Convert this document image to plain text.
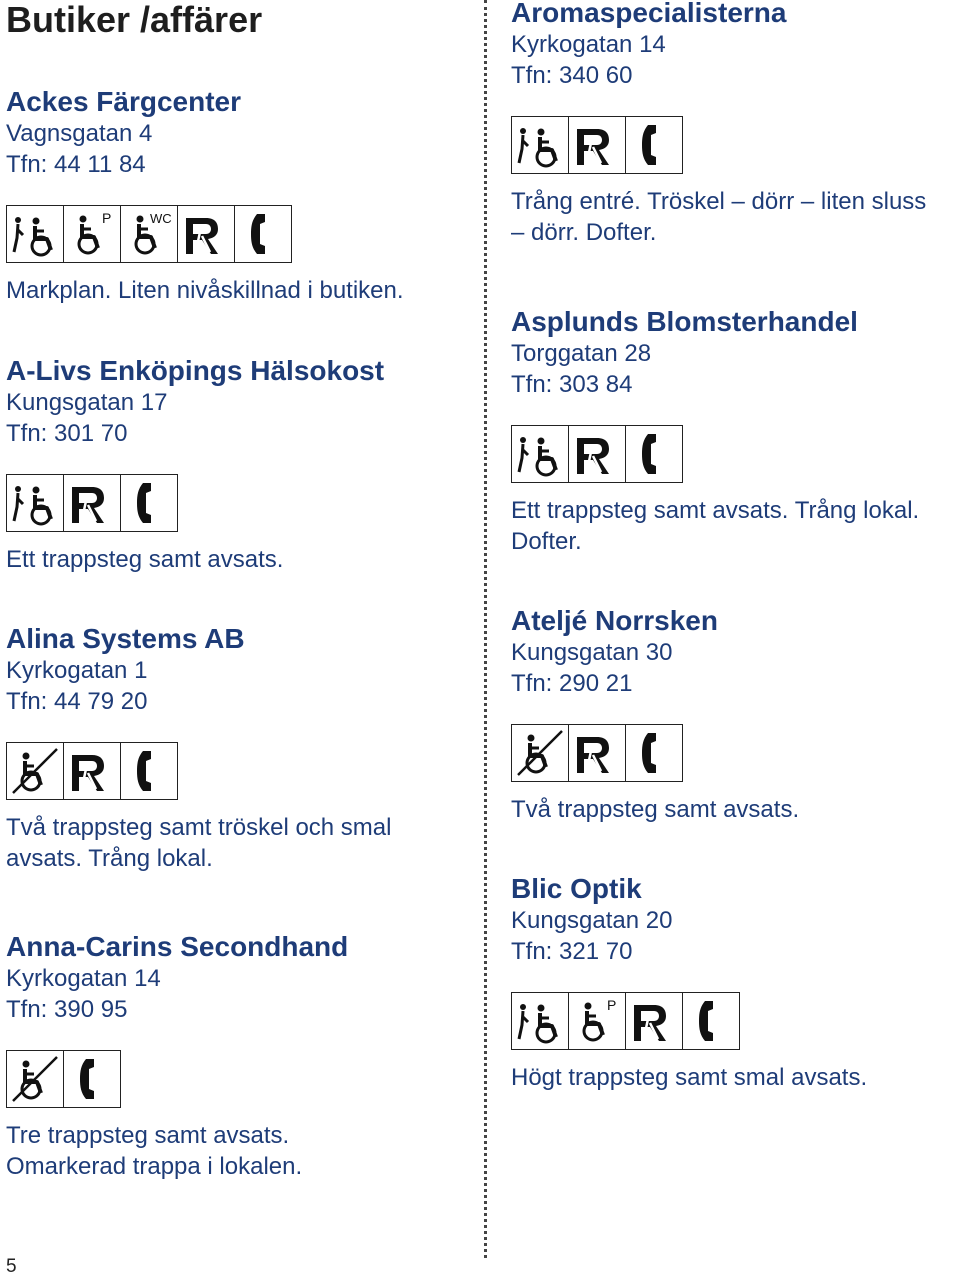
Butiker /affärer
Ackes Färgcenter
Vagnsgatan 4
Tfn: 44 11 84
P	WC
Markplan. Liten nivåskillnad i butiken.
A-Livs Enköpings Hälsokost
Kungsgatan 17
Tfn: 301 70
Ett trappsteg samt avsats.
Alina Systems AB
Kyrkogatan 1
Tfn: 44 79 20
Två trappsteg samt tröskel och smal
avsats. Trång lokal.
Anna-Carins Secondhand
Kyrkogatan 14
Tfn: 390 95
Tre trappsteg samt avsats.
Omarkerad trappa i lokalen.
Aromaspecialisterna
Kyrkogatan 14
Tfn: 340 60
Trång entré. Tröskel – dörr – liten sluss
– dörr. Dofter.
Asplunds Blomsterhandel
Torggatan 28
Tfn: 303 84
Ett trappsteg samt avsats. Trång lokal.
Dofter.
Ateljé Norrsken
Kungsgatan 30
Tfn: 290 21
Två trappsteg samt avsats.
Blic Optik
Kungsgatan 20
Tfn: 321 70
P
Högt trappsteg samt smal avsats.
5
